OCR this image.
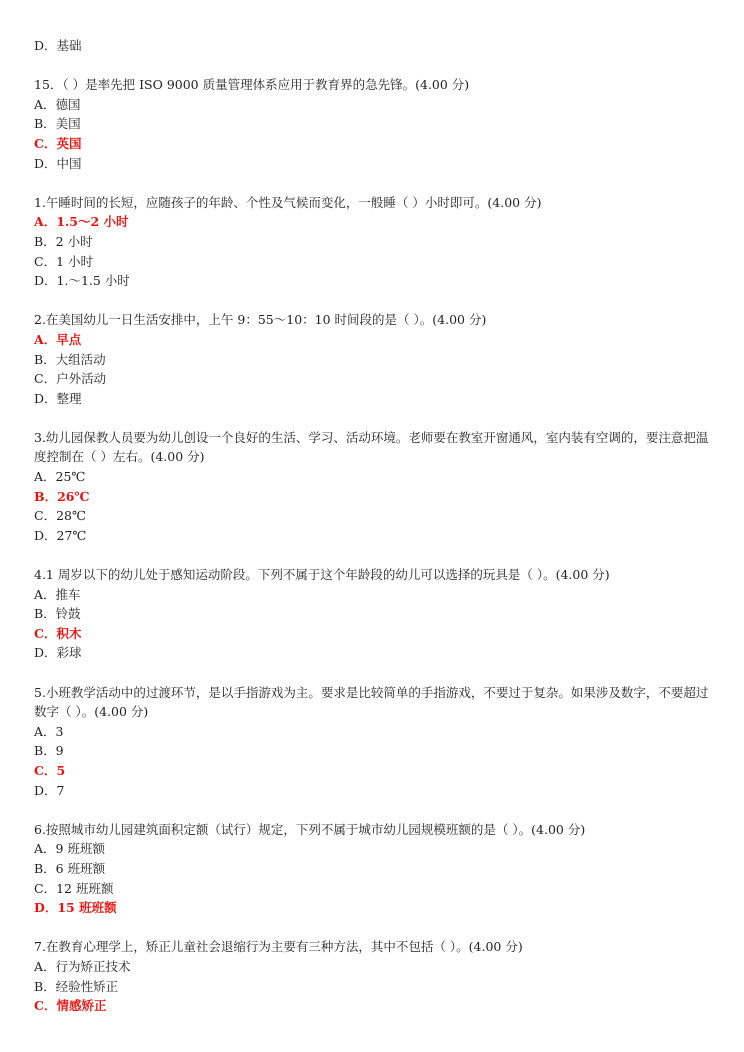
D．基础
15．（ ）是率先把 ISO 9000 质量管理体系应用于教育界的急先锋。(4.00 分)
A．德国
B．美国
C．英国
D．中国
1.午睡时间的长短，应随孩子的年龄、个性及气候而变化，一般睡（ ）小时即可。(4.00 分)
A．1.5～2 小时
B．2 小时
C．1 小时
D．1.～1.5 小时
2.在美国幼儿一日生活安排中，上午 9：55～10：10 时间段的是（ ）。(4.00 分)
A．早点
B．大组活动
C．户外活动
D．整理
3.幼儿园保教人员要为幼儿创设一个良好的生活、学习、活动环境。老师要在教室开窗通风，室内装有空调的，要注意把温度控制在（ ）左右。(4.00 分)
A．25℃
B．26℃
C．28℃
D．27℃
4.1 周岁以下的幼儿处于感知运动阶段。下列不属于这个年龄段的幼儿可以选择的玩具是（ ）。(4.00 分)
A．推车
B．铃鼓
C．积木
D．彩球
5.小班教学活动中的过渡环节，是以手指游戏为主。要求是比较简单的手指游戏，不要过于复杂。如果涉及数字，不要超过数字（ ）。(4.00 分)
A．3
B．9
C．5
D．7
6.按照城市幼儿园建筑面积定额（试行）规定，下列不属于城市幼儿园规模班额的是（ ）。(4.00 分)
A．9 班班额
B．6 班班额
C．12 班班额
D．15 班班额
7.在教育心理学上，矫正儿童社会退缩行为主要有三种方法，其中不包括（ ）。(4.00 分)
A．行为矫正技术
B．经验性矫正
C．情感矫正
